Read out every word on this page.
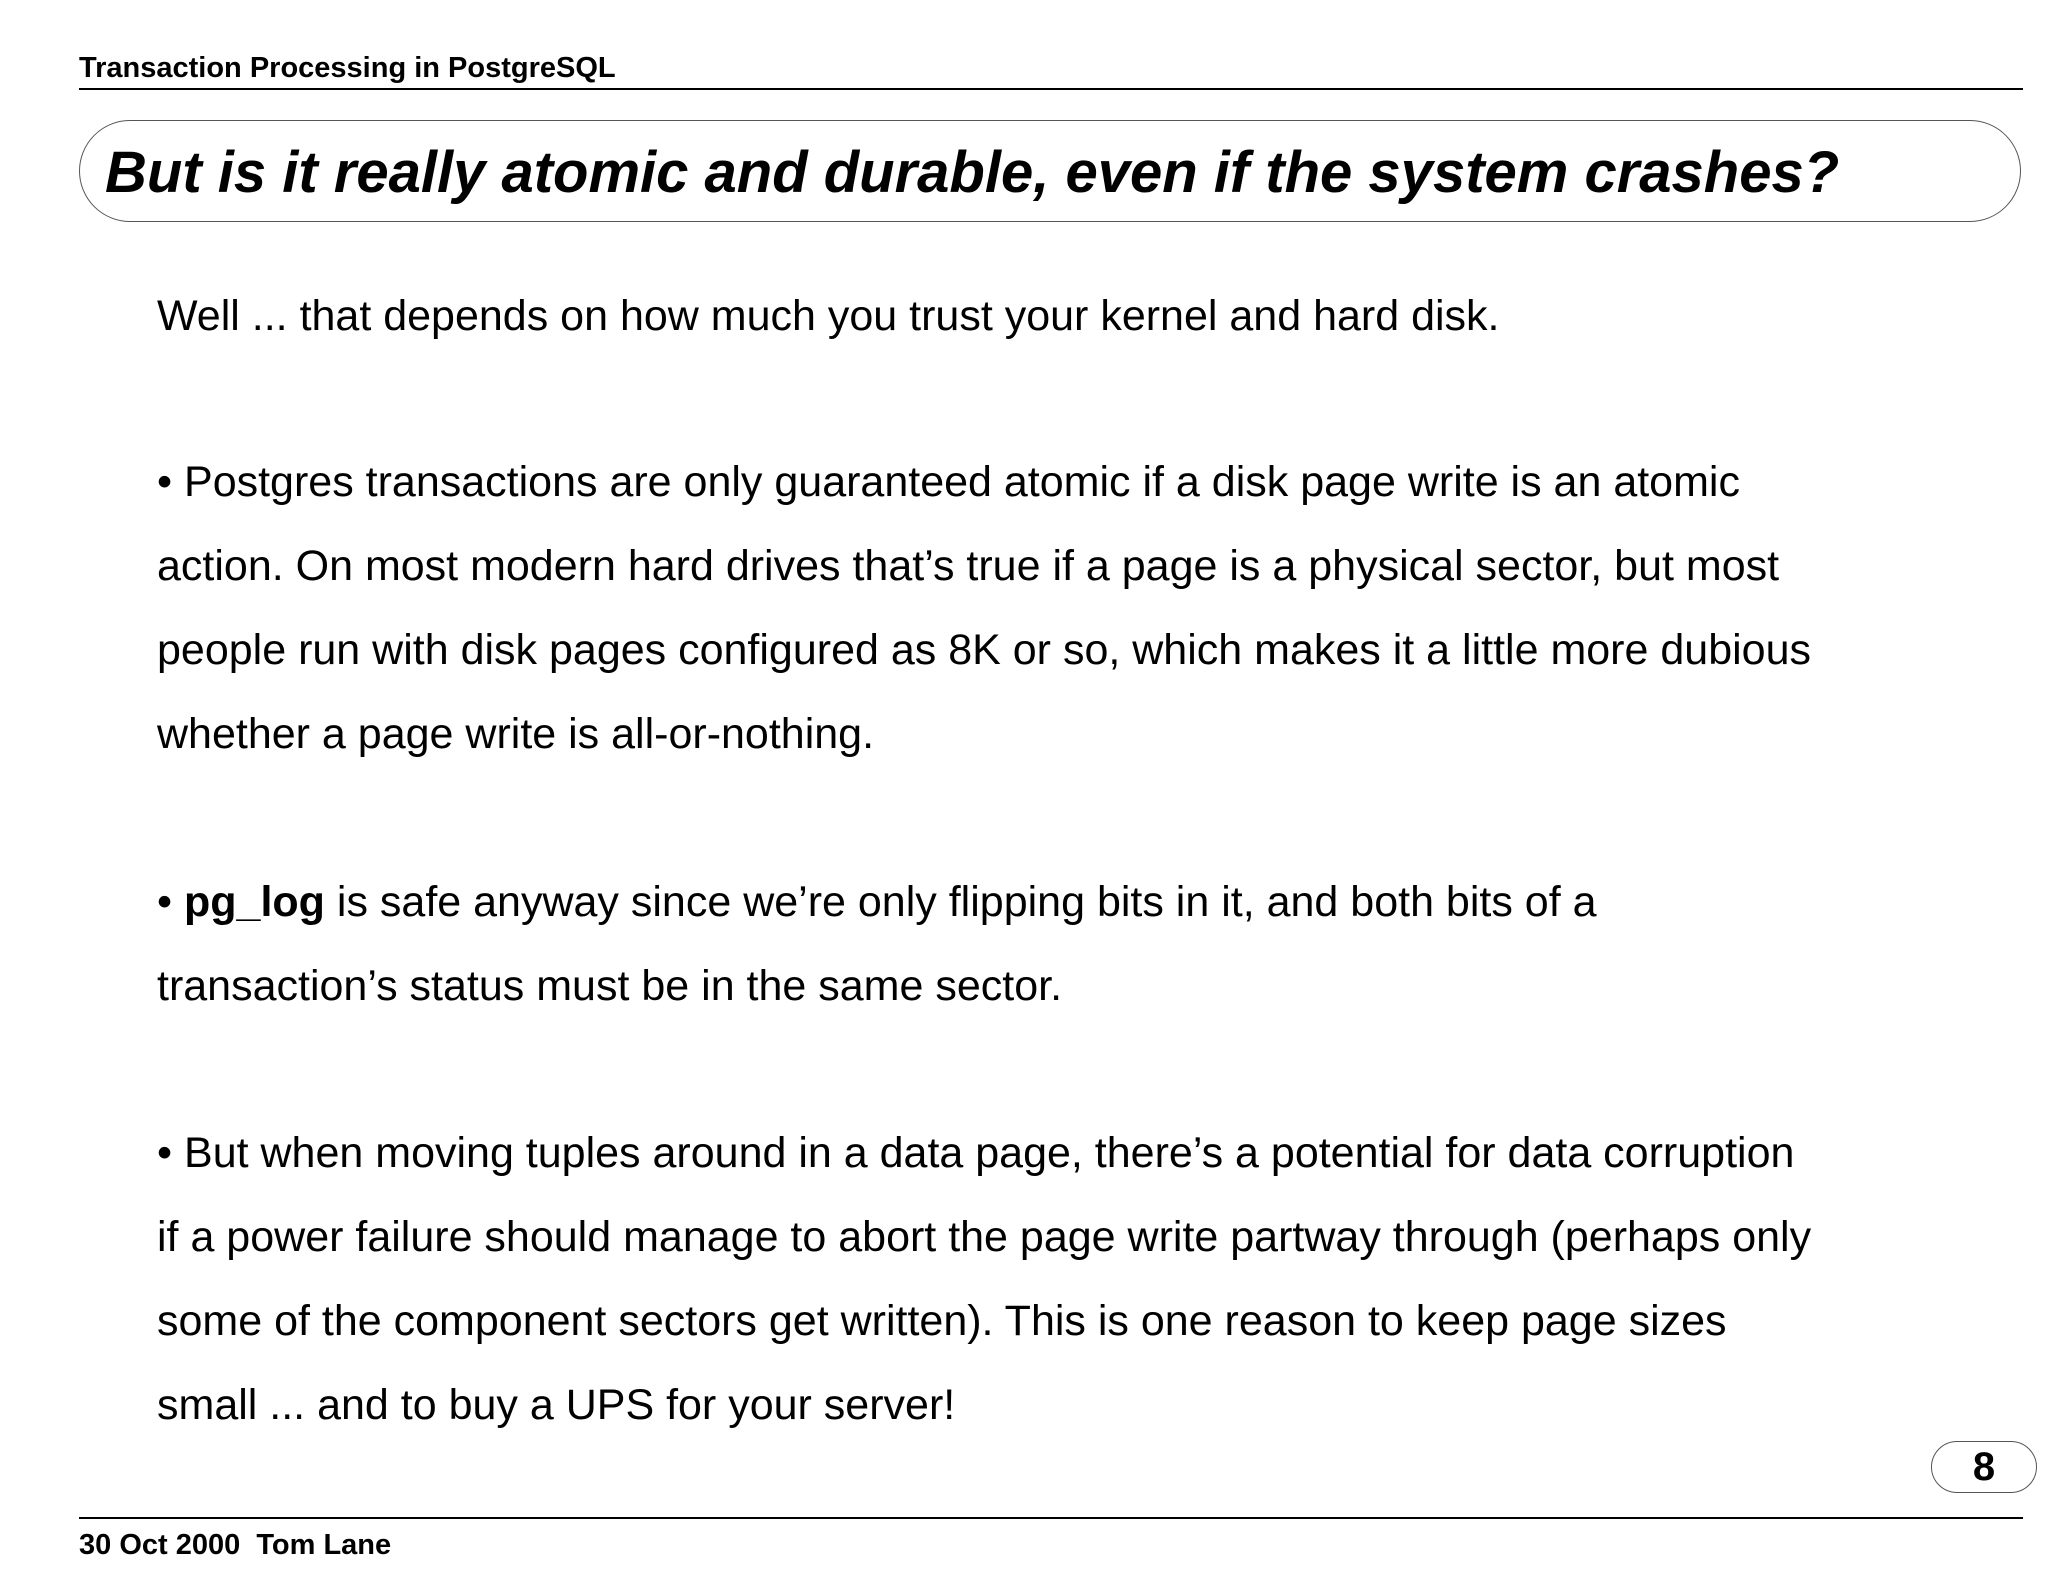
Transaction Processing in PostgreSQL
But is it really atomic and durable, even if the system crashes?

Well ... that depends on how much you trust your kernel and hard disk.

• Postgres transactions are only guaranteed atomic if a disk page write is an atomic
action. On most modern hard drives that’s true if a page is a physical sector, but most
people run with disk pages configured as 8K or so, which makes it a little more dubious
whether a page write is all-or-nothing.

• pg_log is safe anyway since we’re only flipping bits in it, and both bits of a
transaction’s status must be in the same sector.

• But when moving tuples around in a data page, there’s a potential for data corruption
if a power failure should manage to abort the page write partway through (perhaps only
some of the component sectors get written). This is one reason to keep page sizes
small ... and to buy a UPS for your server!

8
30 Oct 2000  Tom Lane
